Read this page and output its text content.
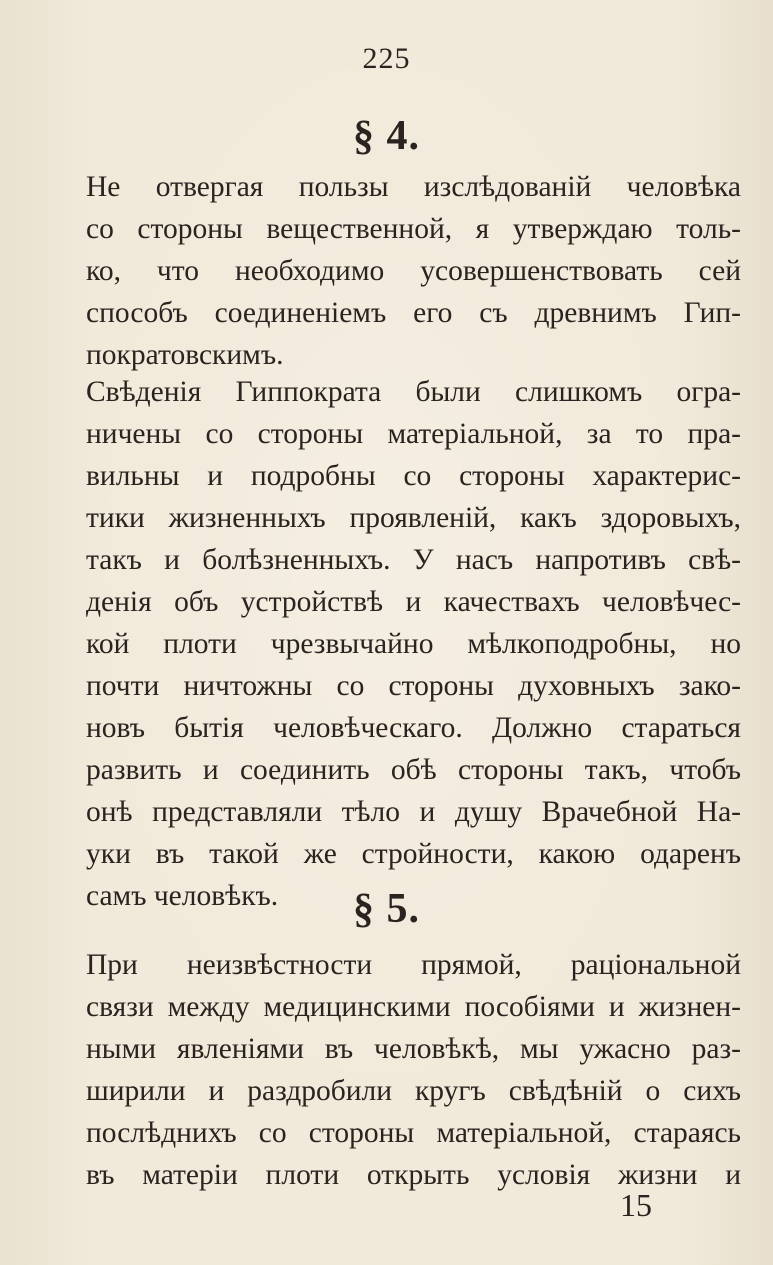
225
§ 4.
Не отвергая пользы изслѣдованій человѣка
со стороны вещественной, я утверждаю толь-
ко, что необходимо усовершенствовать сей
способъ соединеніемъ его съ древнимъ Гип-
пократовскимъ.
Свѣденія Гиппократа были слишкомъ огра-
ничены со стороны матеріальной, за то пра-
вильны и подробны со стороны характерис-
тики жизненныхъ проявленій, какъ здоровыхъ,
такъ и болѣзненныхъ. У насъ напротивъ свѣ-
денія объ устройствѣ и качествахъ человѣчес-
кой плоти чрезвычайно мѣлкоподробны, но
почти ничтожны со стороны духовныхъ зако-
новъ бытія человѣческаго. Должно стараться
развить и соединить обѣ стороны такъ, чтобъ
онѣ представляли тѣло и душу Врачебной На-
уки въ такой же стройности, какою одаренъ
самъ человѣкъ.	§ 5.
При неизвѣстности прямой, раціональной
связи между медицинскими пособіями и жизнен-
ными явленіями въ человѣкѣ, мы ужасно раз-
ширили и раздробили кругъ свѣдѣній о сихъ
послѣднихъ со стороны матеріальной, стараясь
въ матеріи плоти открыть условія жизни и
15
